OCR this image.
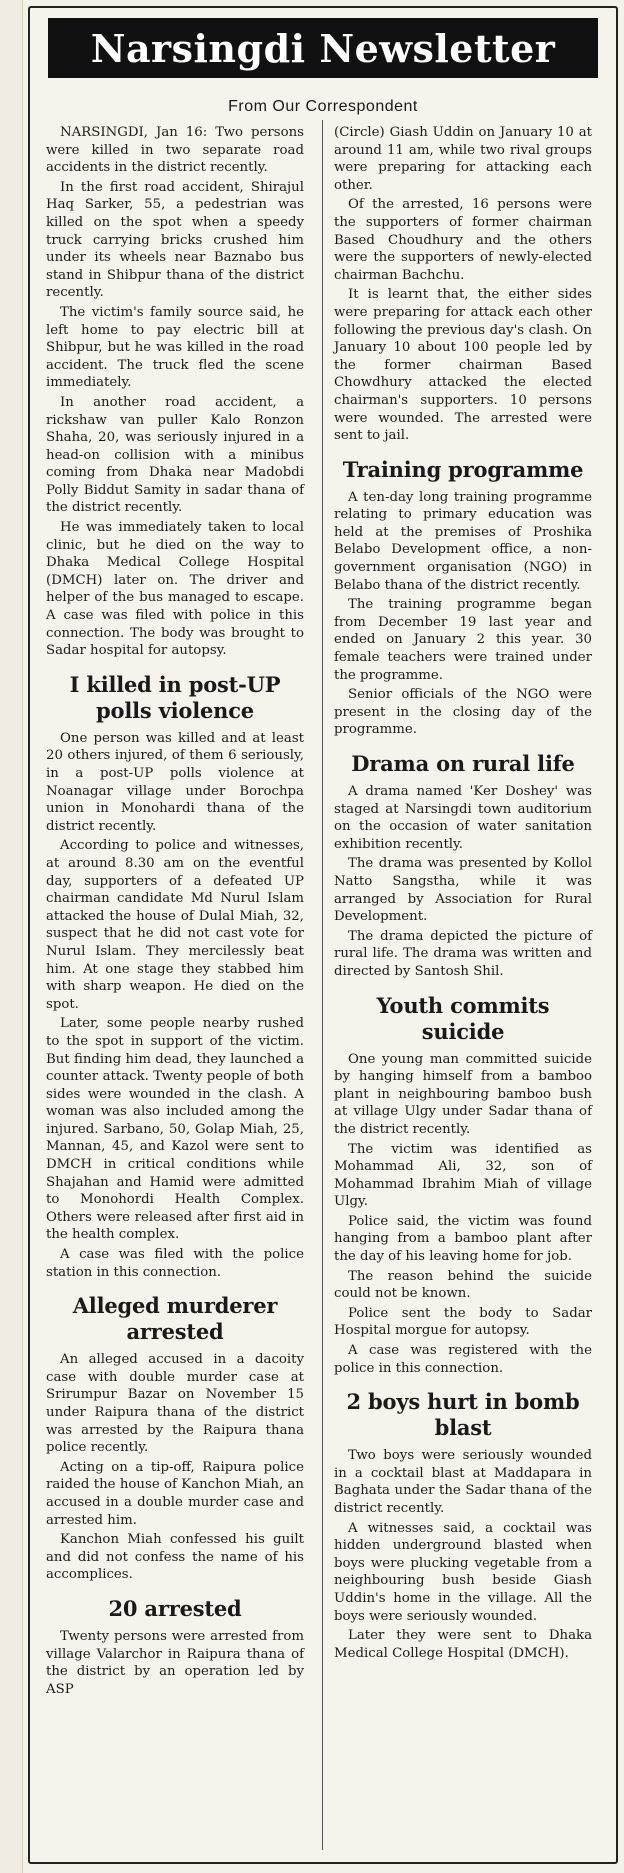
Narsingdi Newsletter
From Our Correspondent

NARSINGDI, Jan 16: Two persons were killed in two separate road accidents in the district recently.

In the first road accident, Shirajul Haq Sarker, 55, a pedestrian was killed on the spot when a speedy truck carrying bricks crushed him under its wheels near Baznabo bus stand in Shibpur thana of the district recently.

The victim's family source said, he left home to pay electric bill at Shibpur, but he was killed in the road accident. The truck fled the scene immediately.

In another road accident, a rickshaw van puller Kalo Ronzon Shaha, 20, was seriously injured in a head-on collision with a minibus coming from Dhaka near Madobdi Polly Biddut Samity in sadar thana of the district recently.

He was immediately taken to local clinic, but he died on the way to Dhaka Medical College Hospital (DMCH) later on. The driver and helper of the bus managed to escape. A case was filed with police in this connection. The body was brought to Sadar hospital for autopsy.

I killed in post-UP polls violence

One person was killed and at least 20 others injured, of them 6 seriously, in a post-UP polls violence at Noanagar village under Borochpa union in Monohardi thana of the district recently.

According to police and witnesses, at around 8.30 am on the eventful day, supporters of a defeated UP chairman candidate Md Nurul Islam attacked the house of Dulal Miah, 32, suspect that he did not cast vote for Nurul Islam. They mercilessly beat him. At one stage they stabbed him with sharp weapon. He died on the spot.

Later, some people nearby rushed to the spot in support of the victim. But finding him dead, they launched a counter attack. Twenty people of both sides were wounded in the clash. A woman was also included among the injured. Sarbano, 50, Golap Miah, 25, Mannan, 45, and Kazol were sent to DMCH in critical conditions while Shajahan and Hamid were admitted to Monohordi Health Complex. Others were released after first aid in the health complex.

A case was filed with the police station in this connection.

Alleged murderer arrested

An alleged accused in a dacoity case with double murder case at Srirumpur Bazar on November 15 under Raipura thana of the district was arrested by the Raipura thana police recently.

Acting on a tip-off, Raipura police raided the house of Kanchon Miah, an accused in a double murder case and arrested him.

Kanchon Miah confessed his guilt and did not confess the name of his accomplices.

20 arrested

Twenty persons were arrested from village Valarchor in Raipura thana of the district by an operation led by ASP

(Circle) Giash Uddin on January 10 at around 11 am, while two rival groups were preparing for attacking each other.

Of the arrested, 16 persons were the supporters of former chairman Based Choudhury and the others were the supporters of newly-elected chairman Bachchu.

It is learnt that, the either sides were preparing for attack each other following the previous day's clash. On January 10 about 100 people led by the former chairman Based Chowdhury attacked the elected chairman's supporters. 10 persons were wounded. The arrested were sent to jail.

Training programme

A ten-day long training programme relating to primary education was held at the premises of Proshika Belabo Development office, a non-government organisation (NGO) in Belabo thana of the district recently.

The training programme began from December 19 last year and ended on January 2 this year. 30 female teachers were trained under the programme.

Senior officials of the NGO were present in the closing day of the programme.

Drama on rural life

A drama named 'Ker Doshey' was staged at Narsingdi town auditorium on the occasion of water sanitation exhibition recently.

The drama was presented by Kollol Natto Sangstha, while it was arranged by Association for Rural Development.

The drama depicted the picture of rural life. The drama was written and directed by Santosh Shil.

Youth commits suicide

One young man committed suicide by hanging himself from a bamboo plant in neighbouring bamboo bush at village Ulgy under Sadar thana of the district recently.

The victim was identified as Mohammad Ali, 32, son of Mohammad Ibrahim Miah of village Ulgy.

Police said, the victim was found hanging from a bamboo plant after the day of his leaving home for job.

The reason behind the suicide could not be known.

Police sent the body to Sadar Hospital morgue for autopsy.

A case was registered with the police in this connection.

2 boys hurt in bomb blast

Two boys were seriously wounded in a cocktail blast at Maddapara in Baghata under the Sadar thana of the district recently.

A witnesses said, a cocktail was hidden underground blasted when boys were plucking vegetable from a neighbouring bush beside Giash Uddin's home in the village. All the boys were seriously wounded.

Later they were sent to Dhaka Medical College Hospital (DMCH).
